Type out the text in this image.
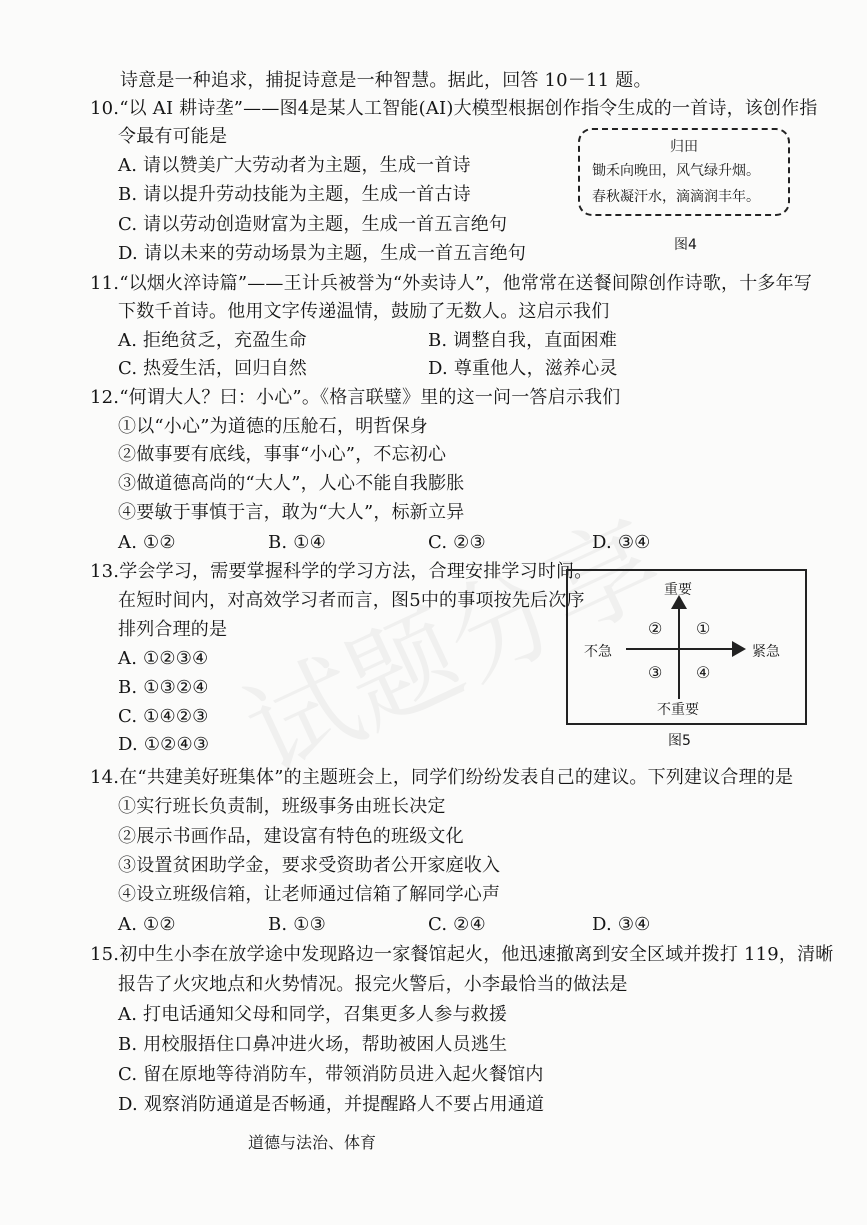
诗意是一种追求，捕捉诗意是一种智慧。据此，回答 10－11 题。
10.“以 AI 耕诗垄”——图4是某人工智能(AI)大模型根据创作指令生成的一首诗，该创作指
令最有可能是
A. 请以赞美广大劳动者为主题，生成一首诗
B. 请以提升劳动技能为主题，生成一首古诗
C. 请以劳动创造财富为主题，生成一首五言绝句
D. 请以未来的劳动场景为主题，生成一首五言绝句
归田
锄禾向晚田，风气绿升烟。
春秋凝汗水，滴滴润丰年。
图4
11.“以烟火淬诗篇”——王计兵被誉为“外卖诗人”，他常常在送餐间隙创作诗歌，十多年写
下数千首诗。他用文字传递温情，鼓励了无数人。这启示我们
A. 拒绝贫乏，充盈生命	B. 调整自我，直面困难
C. 热爱生活，回归自然	D. 尊重他人，滋养心灵
12.“何谓大人？曰：小心”。《格言联璧》里的这一问一答启示我们
①以“小心”为道德的压舱石，明哲保身
②做事要有底线，事事“小心”，不忘初心
③做道德高尚的“大人”，人心不能自我膨胀
④要敏于事慎于言，敢为“大人”，标新立异
A. ①②	B. ①④	C. ②③	D. ③④
13.学会学习，需要掌握科学的学习方法，合理安排学习时间。
在短时间内，对高效学习者而言，图5中的事项按先后次序
排列合理的是
A. ①②③④
B. ①③②④
C. ①④②③
D. ①②④③
重要
不重要
不急	紧急
①
②
③ ④
图5
14.在“共建美好班集体”的主题班会上，同学们纷纷发表自己的建议。下列建议合理的是
①实行班长负责制，班级事务由班长决定
②展示书画作品，建设富有特色的班级文化
③设置贫困助学金，要求受资助者公开家庭收入
④设立班级信箱，让老师通过信箱了解同学心声
A. ①②	B. ①③	C. ②④	D. ③④
15.初中生小李在放学途中发现路边一家餐馆起火，他迅速撤离到安全区域并拨打 119，清晰
报告了火灾地点和火势情况。报完火警后，小李最恰当的做法是
A. 打电话通知父母和同学，召集更多人参与救援
B. 用校服捂住口鼻冲进火场，帮助被困人员逃生
C. 留在原地等待消防车，带领消防员进入起火餐馆内
D. 观察消防通道是否畅通，并提醒路人不要占用通道
道德与法治、体育
